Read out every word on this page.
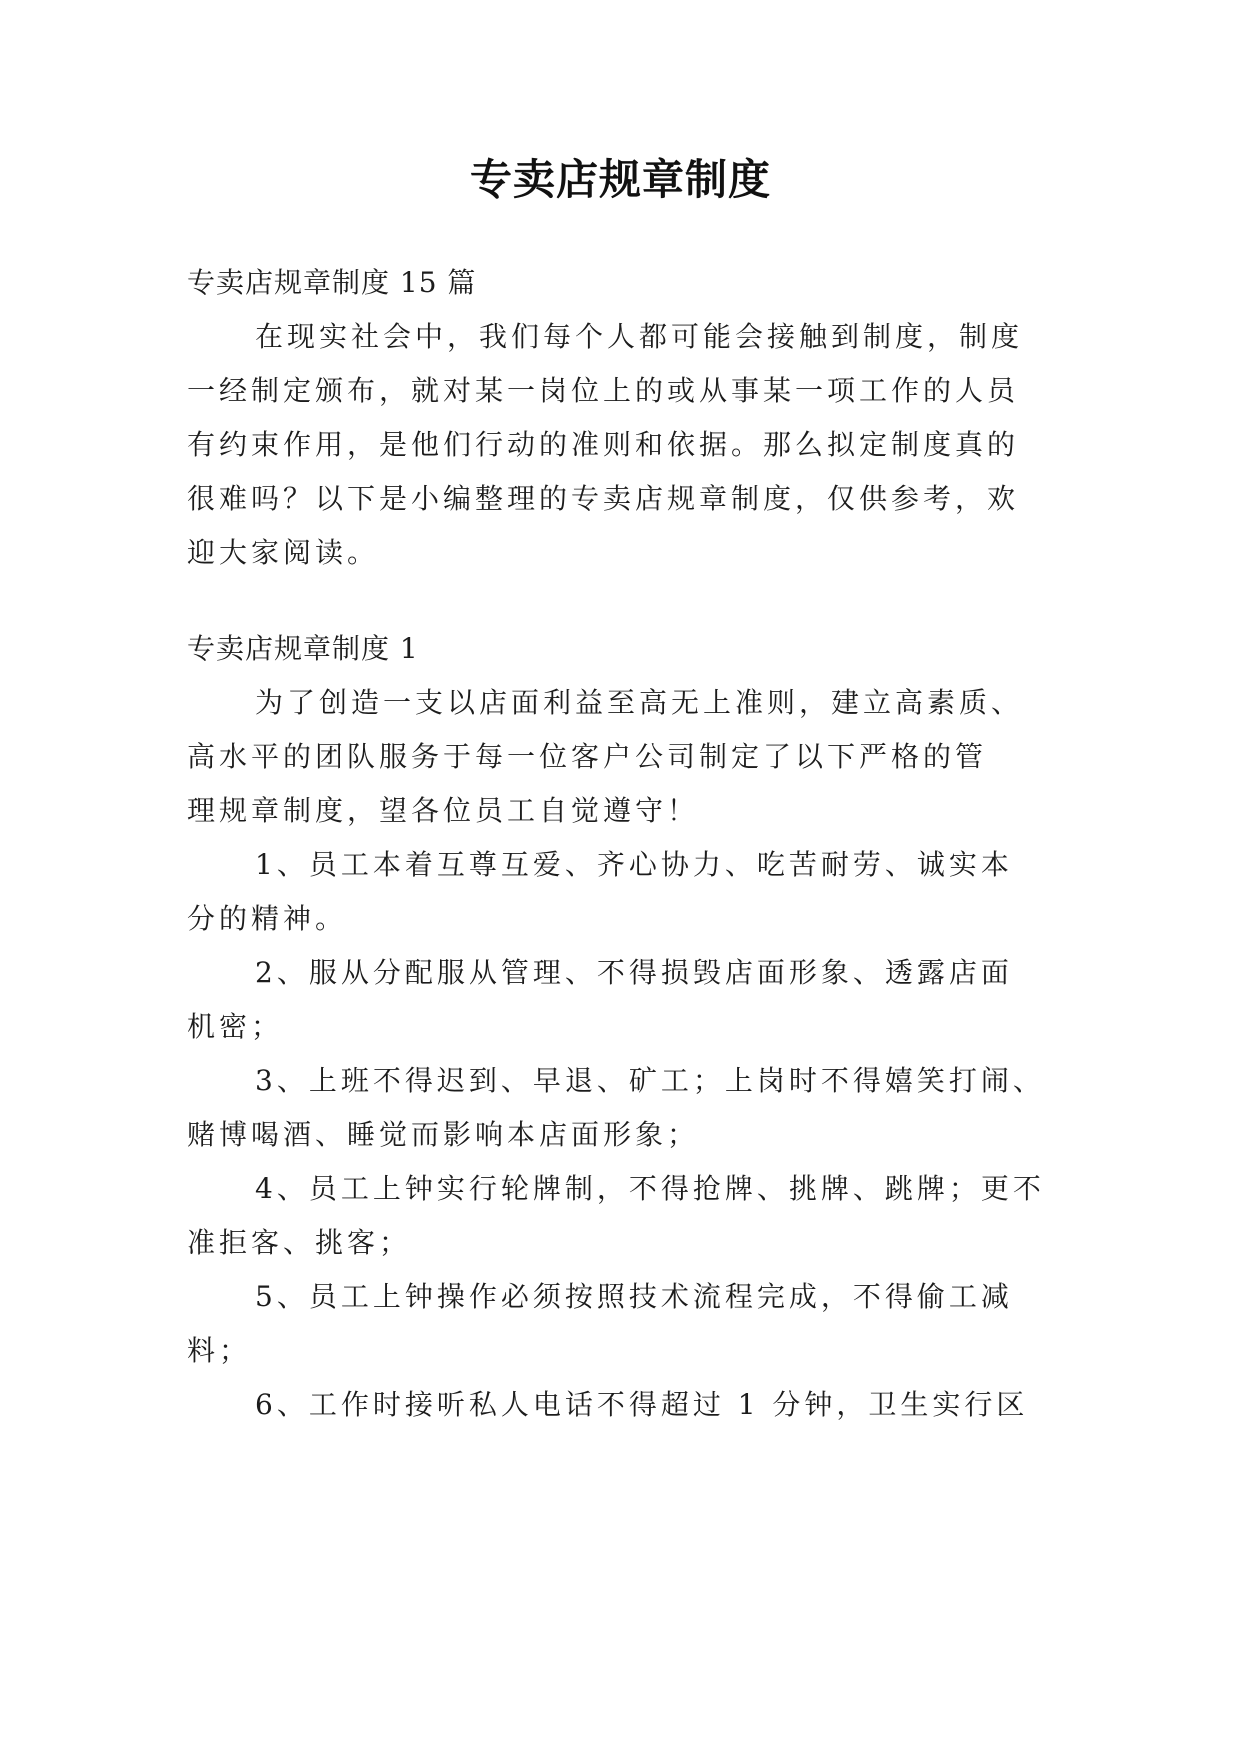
专卖店规章制度

专卖店规章制度 15 篇

在现实社会中，我们每个人都可能会接触到制度，制度

一经制定颁布，就对某一岗位上的或从事某一项工作的人员

有约束作用，是他们行动的准则和依据。那么拟定制度真的

很难吗？以下是小编整理的专卖店规章制度，仅供参考，欢

迎大家阅读。

专卖店规章制度 1

为了创造一支以店面利益至高无上准则，建立高素质、

高水平的团队服务于每一位客户公司制定了以下严格的管

理规章制度，望各位员工自觉遵守！

1、员工本着互尊互爱、齐心协力、吃苦耐劳、诚实本

分的精神。

2、服从分配服从管理、不得损毁店面形象、透露店面

机密；

3、上班不得迟到、早退、矿工；上岗时不得嬉笑打闹、

赌博喝酒、睡觉而影响本店面形象；

4、员工上钟实行轮牌制，不得抢牌、挑牌、跳牌；更不

准拒客、挑客；

5、员工上钟操作必须按照技术流程完成，不得偷工减

料；

6、工作时接听私人电话不得超过 1 分钟，卫生实行区
